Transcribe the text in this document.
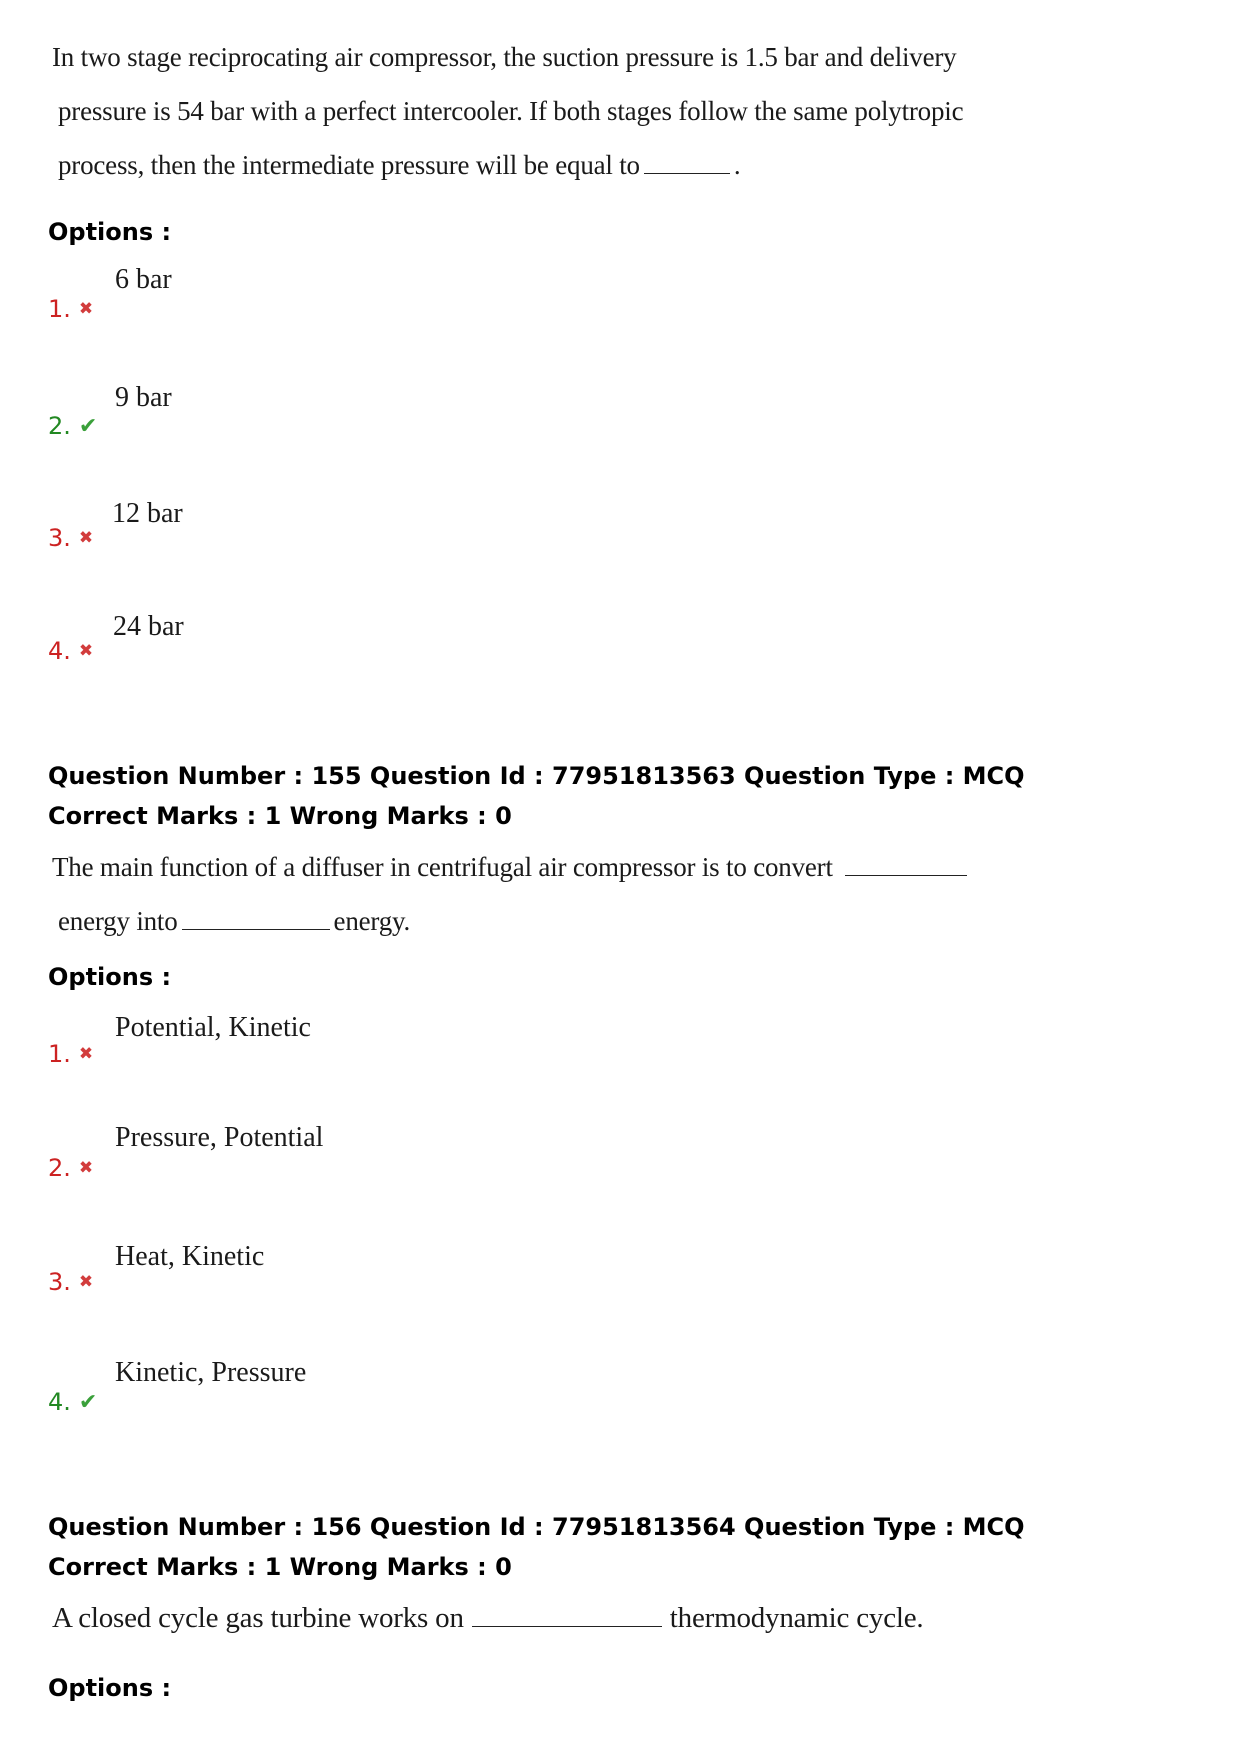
In two stage reciprocating air compressor, the suction pressure is 1.5 bar and delivery
pressure is 54 bar with a perfect intercooler. If both stages follow the same polytropic
process, then the intermediate pressure will be equal to	.
Options :
6 bar
1. ✖
9 bar
2. ✔
12 bar
3. ✖
24 bar
4. ✖
Question Number : 155 Question Id : 77951813563 Question Type : MCQ
Correct Marks : 1 Wrong Marks : 0
The main function of a diffuser in centrifugal air compressor is to convert
energy into	energy.
Options :
Potential, Kinetic
1. ✖
Pressure, Potential
2. ✖
Heat, Kinetic
3. ✖
Kinetic, Pressure
4. ✔
Question Number : 156 Question Id : 77951813564 Question Type : MCQ
Correct Marks : 1 Wrong Marks : 0
A closed cycle gas turbine works on	thermodynamic cycle.
Options :
